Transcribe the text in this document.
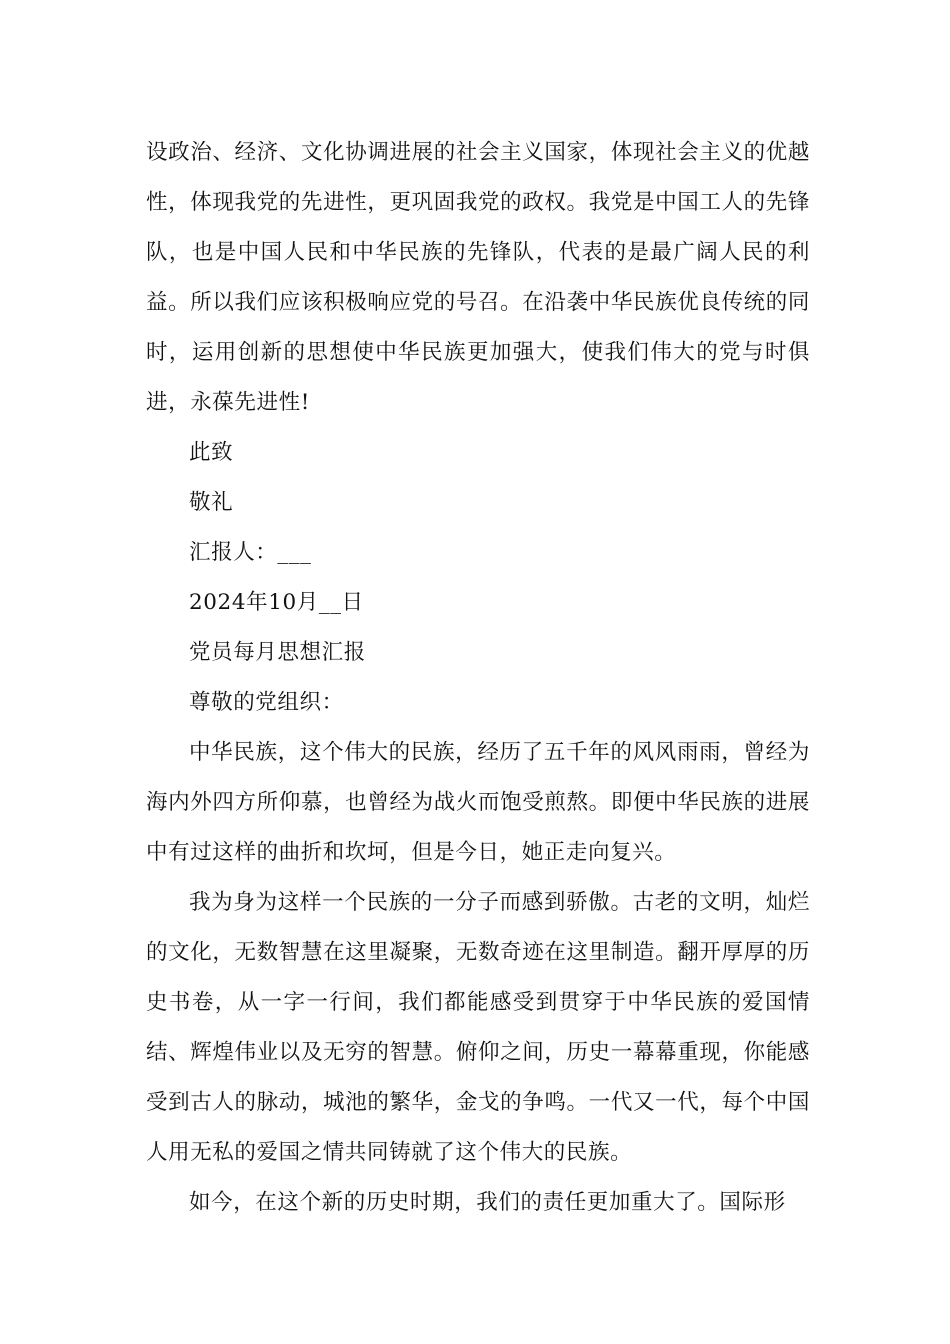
设政治、经济、文化协调进展的社会主义国家，体现社会主义的优越性，体现我党的先进性，更巩固我党的政权。我党是中国工人的先锋队，也是中国人民和中华民族的先锋队，代表的是最广阔人民的利益。所以我们应该积极响应党的号召。在沿袭中华民族优良传统的同时，运用创新的思想使中华民族更加强大，使我们伟大的党与时俱进，永葆先进性!

此致

敬礼

汇报人：___

2024年10月__日

党员每月思想汇报

尊敬的党组织：

中华民族，这个伟大的民族，经历了五千年的风风雨雨，曾经为海内外四方所仰慕，也曾经为战火而饱受煎熬。即便中华民族的进展中有过这样的曲折和坎坷，但是今日，她正走向复兴。

我为身为这样一个民族的一分子而感到骄傲。古老的文明，灿烂的文化，无数智慧在这里凝聚，无数奇迹在这里制造。翻开厚厚的历史书卷，从一字一行间，我们都能感受到贯穿于中华民族的爱国情结、辉煌伟业以及无穷的智慧。俯仰之间，历史一幕幕重现，你能感受到古人的脉动，城池的繁华，金戈的争鸣。一代又一代，每个中国人用无私的爱国之情共同铸就了这个伟大的民族。

如今，在这个新的历史时期，我们的责任更加重大了。国际形
